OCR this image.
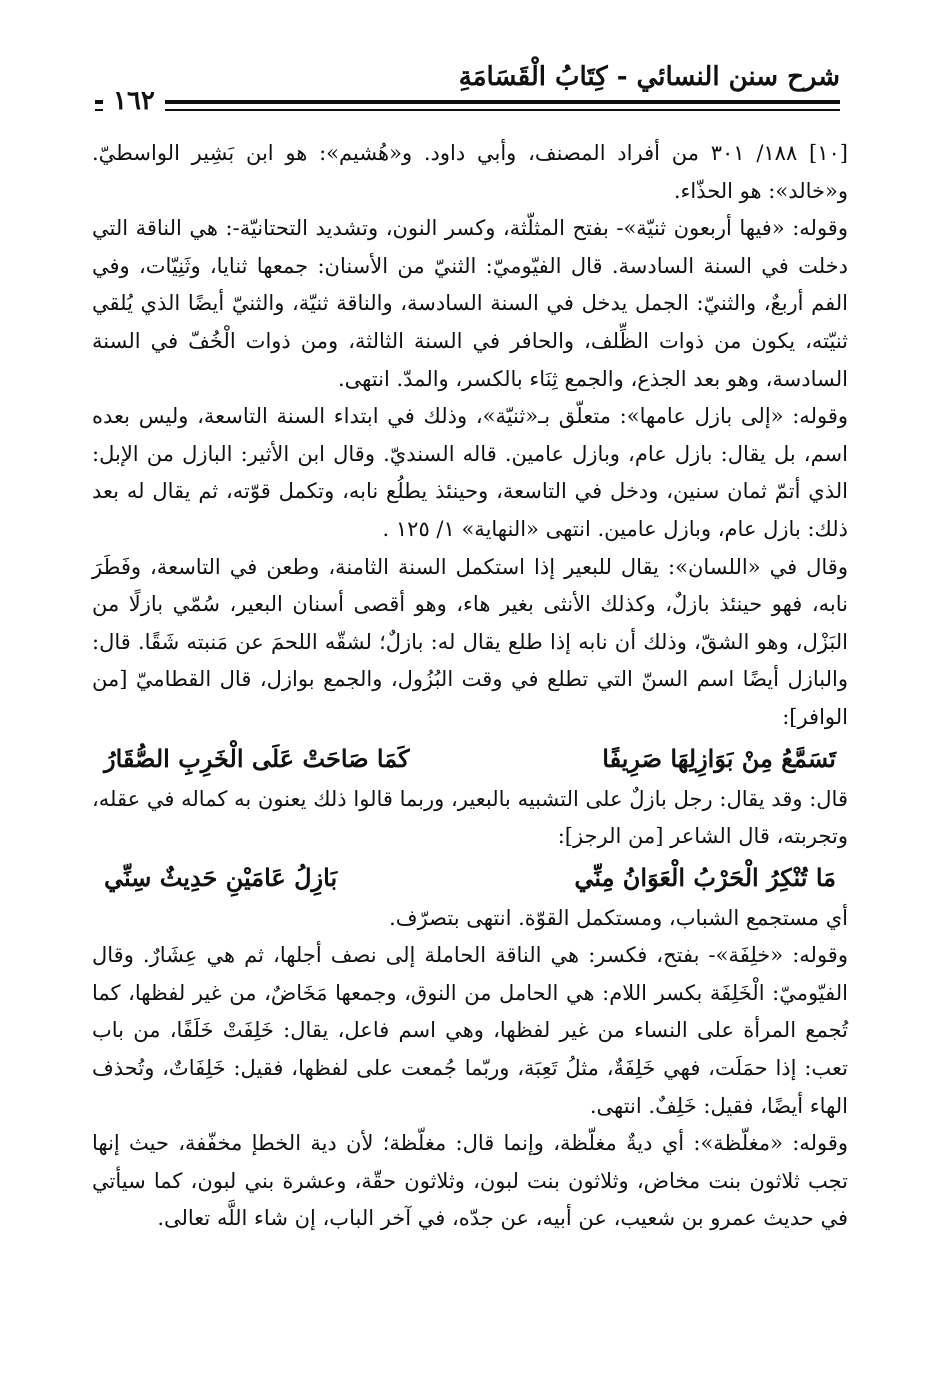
شرح سنن النسائي - كِتَابُ الْقَسَامَةِ
١٦٢

[١٠] ١٨٨/ ٣٠١ من أفراد المصنف، وأبي داود. و«هُشيم»: هو ابن بَشِير الواسطيّ. و«خالد»: هو الحذّاء.

وقوله: «فيها أربعون ثنيّة»- بفتح المثلّثة، وكسر النون، وتشديد التحتانيّة-: هي الناقة التي دخلت في السنة السادسة. قال الفيّوميّ: الثنيّ من الأسنان: جمعها ثنايا، وثَنِيّات، وفي الفم أربعٌ، والثنيّ: الجمل يدخل في السنة السادسة، والناقة ثنيّة، والثنيّ أيضًا الذي يُلقي ثنيّته، يكون من ذوات الظِّلف، والحافر في السنة الثالثة، ومن ذوات الْخُفّ في السنة السادسة، وهو بعد الجذع، والجمع ثِنَاء بالكسر، والمدّ. انتهى.

وقوله: «إلى بازل عامها»: متعلّق بـ«ثنيّة»، وذلك في ابتداء السنة التاسعة، وليس بعده اسم، بل يقال: بازل عام، وبازل عامين. قاله السنديّ. وقال ابن الأثير: البازل من الإبل: الذي أتمّ ثمان سنين، ودخل في التاسعة، وحينئذ يطلُع نابه، وتكمل قوّته، ثم يقال له بعد ذلك: بازل عام، وبازل عامين. انتهى «النهاية» ١/ ١٢٥ .

وقال في «اللسان»: يقال للبعير إذا استكمل السنة الثامنة، وطعن في التاسعة، وفَطَرَ نابه، فهو حينئذ بازلٌ، وكذلك الأنثى بغير هاء، وهو أقصى أسنان البعير، سُمّي بازلًا من البَزْل، وهو الشقّ، وذلك أن نابه إذا طلع يقال له: بازلٌ؛ لشقّه اللحمَ عن مَنبته شَقًا. قال: والبازل أيضًا اسم السنّ التي تطلع في وقت البُزُول، والجمع بوازل، قال القطاميّ [من الوافر]:

تَسَمَّعُ مِنْ بَوَازِلِهَا صَرِيفًا
كَمَا صَاحَتْ عَلَى الْخَرِبِ الصُّقَارُ

قال: وقد يقال: رجل بازلٌ على التشبيه بالبعير، وربما قالوا ذلك يعنون به كماله في عقله، وتجربته، قال الشاعر [من الرجز]:

مَا تُنْكِرُ الْحَرْبُ الْعَوَانُ مِنِّي
بَازِلُ عَامَيْنِ حَدِيثٌ سِنِّي

أي مستجمع الشباب، ومستكمل القوّة. انتهى بتصرّف.

وقوله: «خلِفَة»- بفتح، فكسر: هي الناقة الحاملة إلى نصف أجلها، ثم هي عِشَارٌ. وقال الفيّوميّ: الْخَلِفَة بكسر اللام: هي الحامل من النوق، وجمعها مَخَاضٌ، من غير لفظها، كما تُجمع المرأة على النساء من غير لفظها، وهي اسم فاعل، يقال: خَلِفَتْ خَلَفًا، من باب تعب: إذا حمَلَت، فهي خَلِفَةٌ، مثلُ تَعِبَة، وربّما جُمعت على لفظها، فقيل: خَلِفَاتٌ، وتُحذف الهاء أيضًا، فقيل: خَلِفٌ. انتهى.

وقوله: «مغلّظة»: أي ديةٌ مغلّظة، وإنما قال: مغلّظة؛ لأن دية الخطإ مخفّفة، حيث إنها تجب ثلاثون بنت مخاض، وثلاثون بنت لبون، وثلاثون حقّة، وعشرة بني لبون، كما سيأتي في حديث عمرو بن شعيب، عن أبيه، عن جدّه، في آخر الباب، إن شاء اللَّه تعالى.
